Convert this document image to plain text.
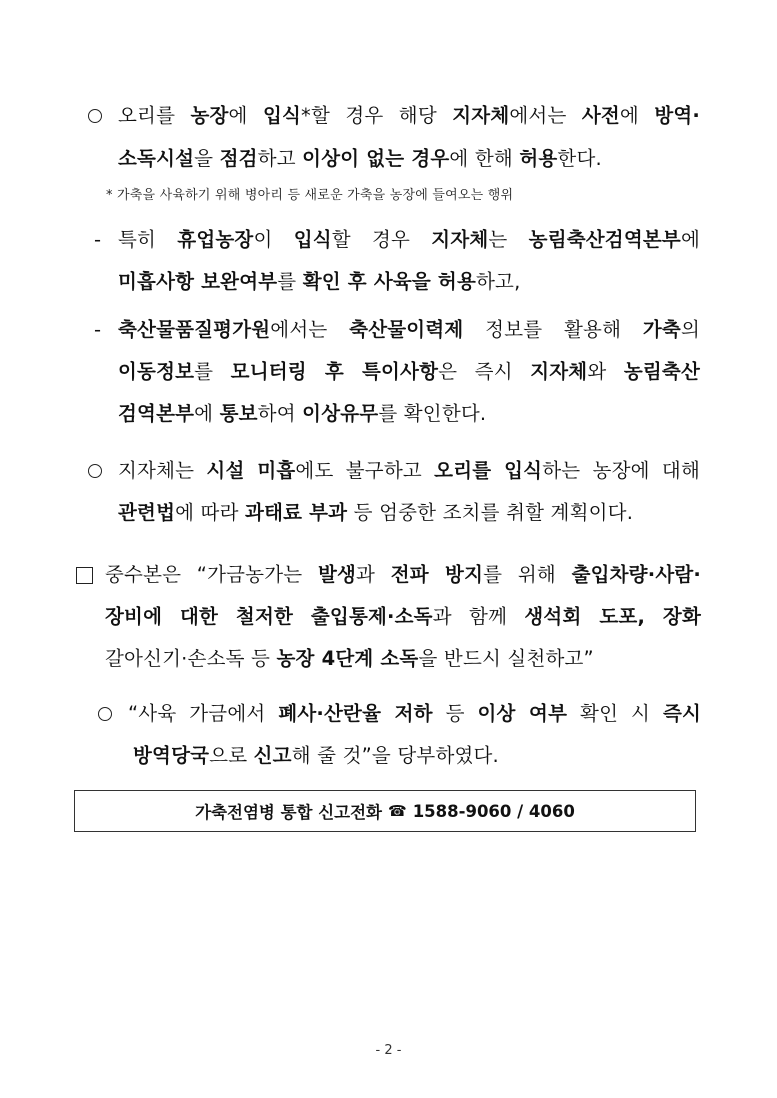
오리를 농장에 입식*할 경우 해당 지자체에서는 사전에 방역·
소독시설을 점검하고 이상이 없는 경우에 한해 허용한다.
* 가축을 사육하기 위해 병아리 등 새로운 가축을 농장에 들여오는 행위
- 특히 휴업농장이 입식할 경우 지자체는 농림축산검역본부에
미흡사항 보완여부를 확인 후 사육을 허용하고,
- 축산물품질평가원에서는 축산물이력제 정보를 활용해 가축의
이동정보를 모니터링 후 특이사항은 즉시 지자체와 농림축산
검역본부에 통보하여 이상유무를 확인한다.
지자체는 시설 미흡에도 불구하고 오리를 입식하는 농장에 대해
관련법에 따라 과태료 부과 등 엄중한 조치를 취할 계획이다.
중수본은 “가금농가는 발생과 전파 방지를 위해 출입차량·사람·
장비에 대한 철저한 출입통제·소독과 함께 생석회 도포, 장화
갈아신기·손소독 등 농장 4단계 소독을 반드시 실천하고”
“사육 가금에서 폐사·산란율 저하 등 이상 여부 확인 시 즉시
방역당국으로 신고해 줄 것”을 당부하였다.
가축전염병 통합 신고전화 ☎ 1588-9060 / 4060
- 2 -
